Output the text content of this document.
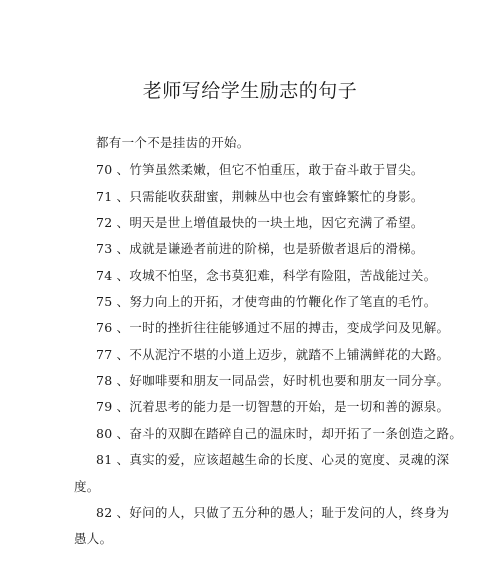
老师写给学生励志的句子
都有一个不是挂齿的开始。
70 、竹笋虽然柔嫩，但它不怕重压，敢于奋斗敢于冒尖。
71 、只需能收获甜蜜，荆棘丛中也会有蜜蜂繁忙的身影。
72 、明天是世上增值最快的一块土地，因它充满了希望。
73 、成就是谦逊者前进的阶梯，也是骄傲者退后的滑梯。
74 、攻城不怕坚，念书莫犯难，科学有险阻，苦战能过关。
75 、努力向上的开拓，才使弯曲的竹鞭化作了笔直的毛竹。
76 、一时的挫折往往能够通过不屈的搏击，变成学问及见解。
77 、不从泥泞不堪的小道上迈步，就踏不上铺满鲜花的大路。
78 、好咖啡要和朋友一同品尝，好时机也要和朋友一同分享。
79 、沉着思考的能力是一切智慧的开始，是一切和善的源泉。
80 、奋斗的双脚在踏碎自己的温床时，却开拓了一条创造之路。
81 、真实的爱，应该超越生命的长度、心灵的宽度、灵魂的深
度。
82 、好问的人，只做了五分种的愚人；耻于发问的人，终身为
愚人。
